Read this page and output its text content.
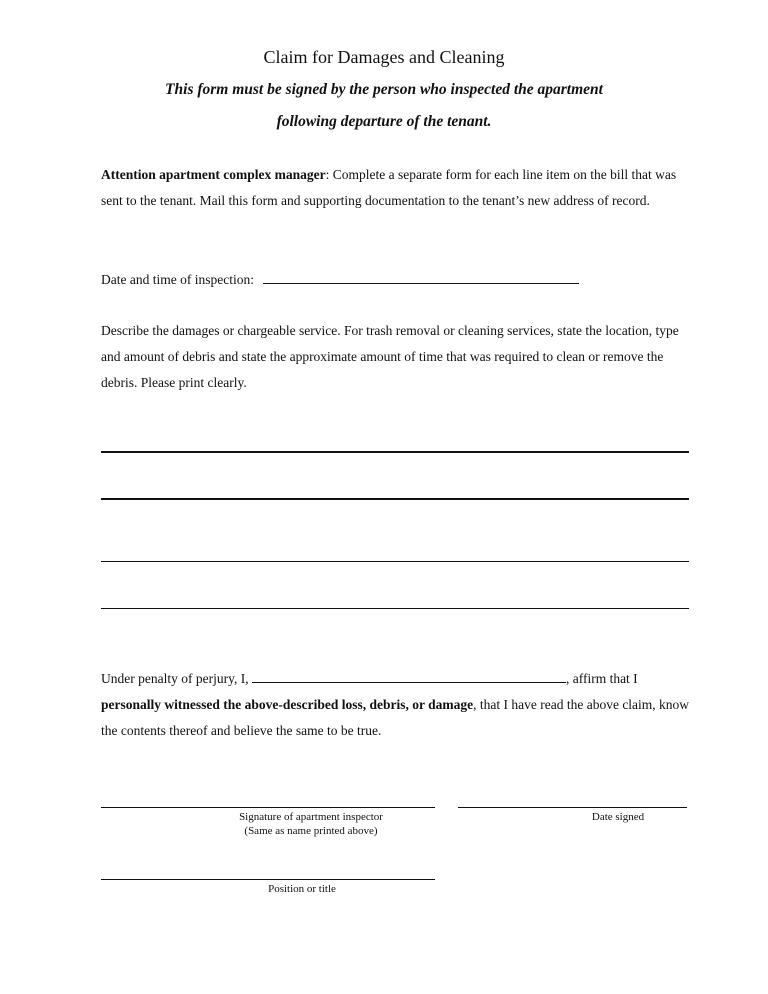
Claim for Damages and Cleaning
This form must be signed by the person who inspected the apartment
following departure of the tenant.
Attention apartment complex manager: Complete a separate form for each line item on the bill that was sent to the tenant. Mail this form and supporting documentation to the tenant’s new address of record.
Date and time of inspection:
Describe the damages or chargeable service. For trash removal or cleaning services, state the location, type and amount of debris and state the approximate amount of time that was required to clean or remove the debris. Please print clearly.
Under penalty of perjury, I,	, affirm that I personally witnessed the above-described loss, debris, or damage, that I have read the above claim, know the contents thereof and believe the same to be true.
Signature of apartment inspector
(Same as name printed above)
Date signed
Position or title
